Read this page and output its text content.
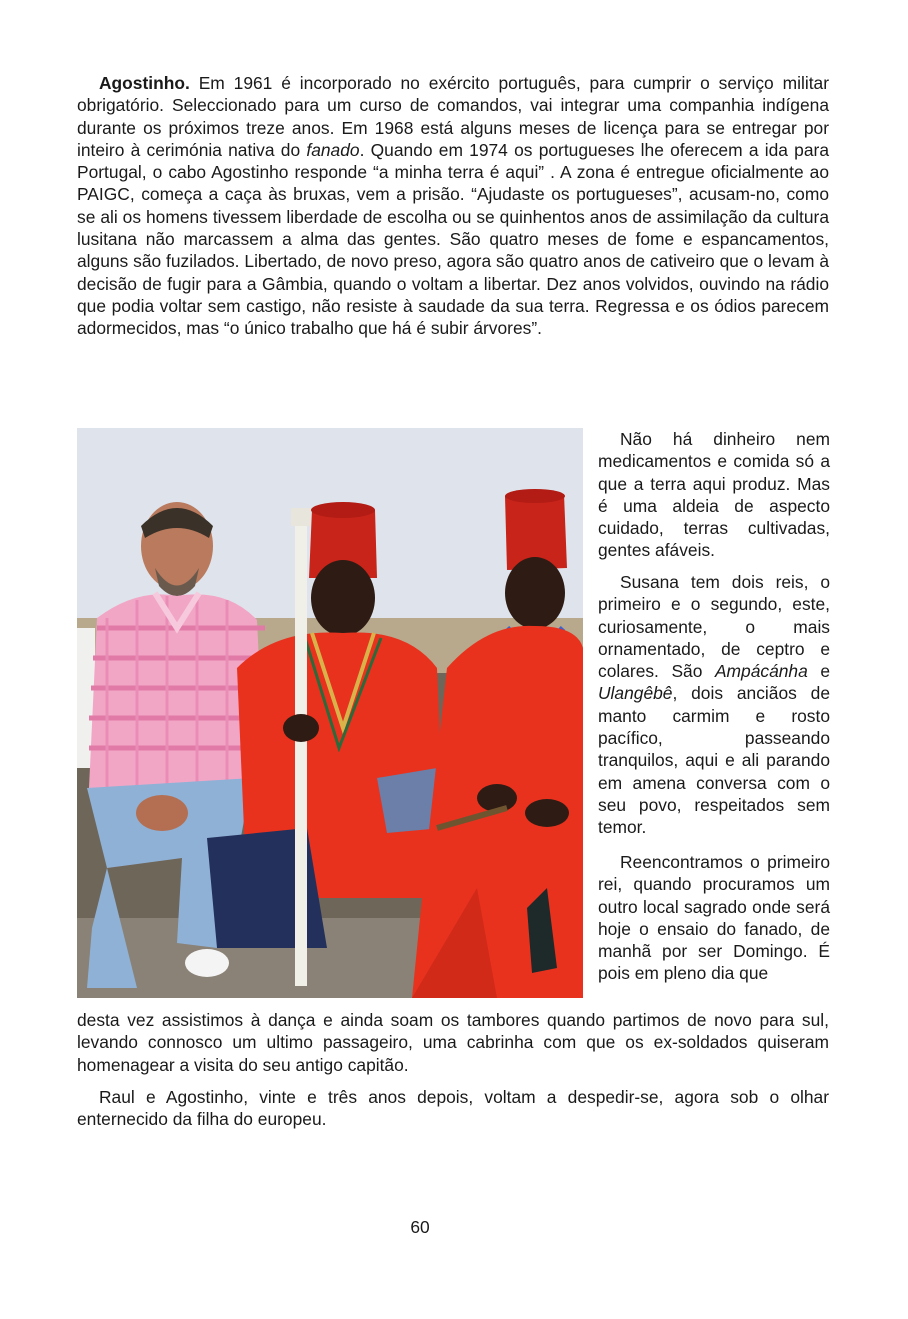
Agostinho. Em 1961 é incorporado no exército português, para cumprir o serviço militar obrigatório. Seleccionado para um curso de comandos, vai integrar uma companhia indígena durante os próximos treze anos. Em 1968 está alguns meses de licença para se entregar por inteiro à cerimónia nativa do fanado. Quando em 1974 os portugueses lhe oferecem a ida para Portugal, o cabo Agostinho responde “a minha terra é aqui” . A zona é entregue oficialmente ao PAIGC, começa a caça às bruxas, vem a prisão. “Ajudaste os portugueses”, acusam-no, como se ali os homens tivessem liberdade de escolha ou se quinhentos anos de assimilação da cultura lusitana não marcassem a alma das gentes. São quatro meses de fome e espancamentos, alguns são fuzilados. Libertado, de novo preso, agora são quatro anos de cativeiro que o levam à decisão de fugir para a Gâmbia, quando o voltam a libertar. Dez anos volvidos, ouvindo na rádio que podia voltar sem castigo, não resiste à saudade da sua terra. Regressa e os ódios parecem adormecidos, mas “o único trabalho que há é subir árvores”.

Não há dinheiro nem medicamentos e comida só a que a terra aqui produz. Mas é uma aldeia de aspecto cuidado, terras cultivadas, gentes afáveis.

Susana tem dois reis, o primeiro e o segundo, este, curiosamente, o mais ornamentado, de ceptro e colares. São Ampácánha e Ulangêbê, dois anciãos de manto carmim e rosto pacífico, passeando tranquilos, aqui e ali parando em amena conversa com o seu povo, respeitados sem temor.

Reencontramos o primeiro rei, quando procuramos um outro local sagrado onde será hoje o ensaio do fanado, de manhã por ser Domingo. É pois em pleno dia que

desta vez assistimos à dança e ainda soam os tambores quando partimos de novo para sul, levando connosco um ultimo passageiro, uma cabrinha com que os ex-soldados quiseram homenagear a visita do seu antigo capitão.

Raul e Agostinho, vinte e três anos depois, voltam a despedir-se, agora sob o olhar enternecido da filha do europeu.

60
